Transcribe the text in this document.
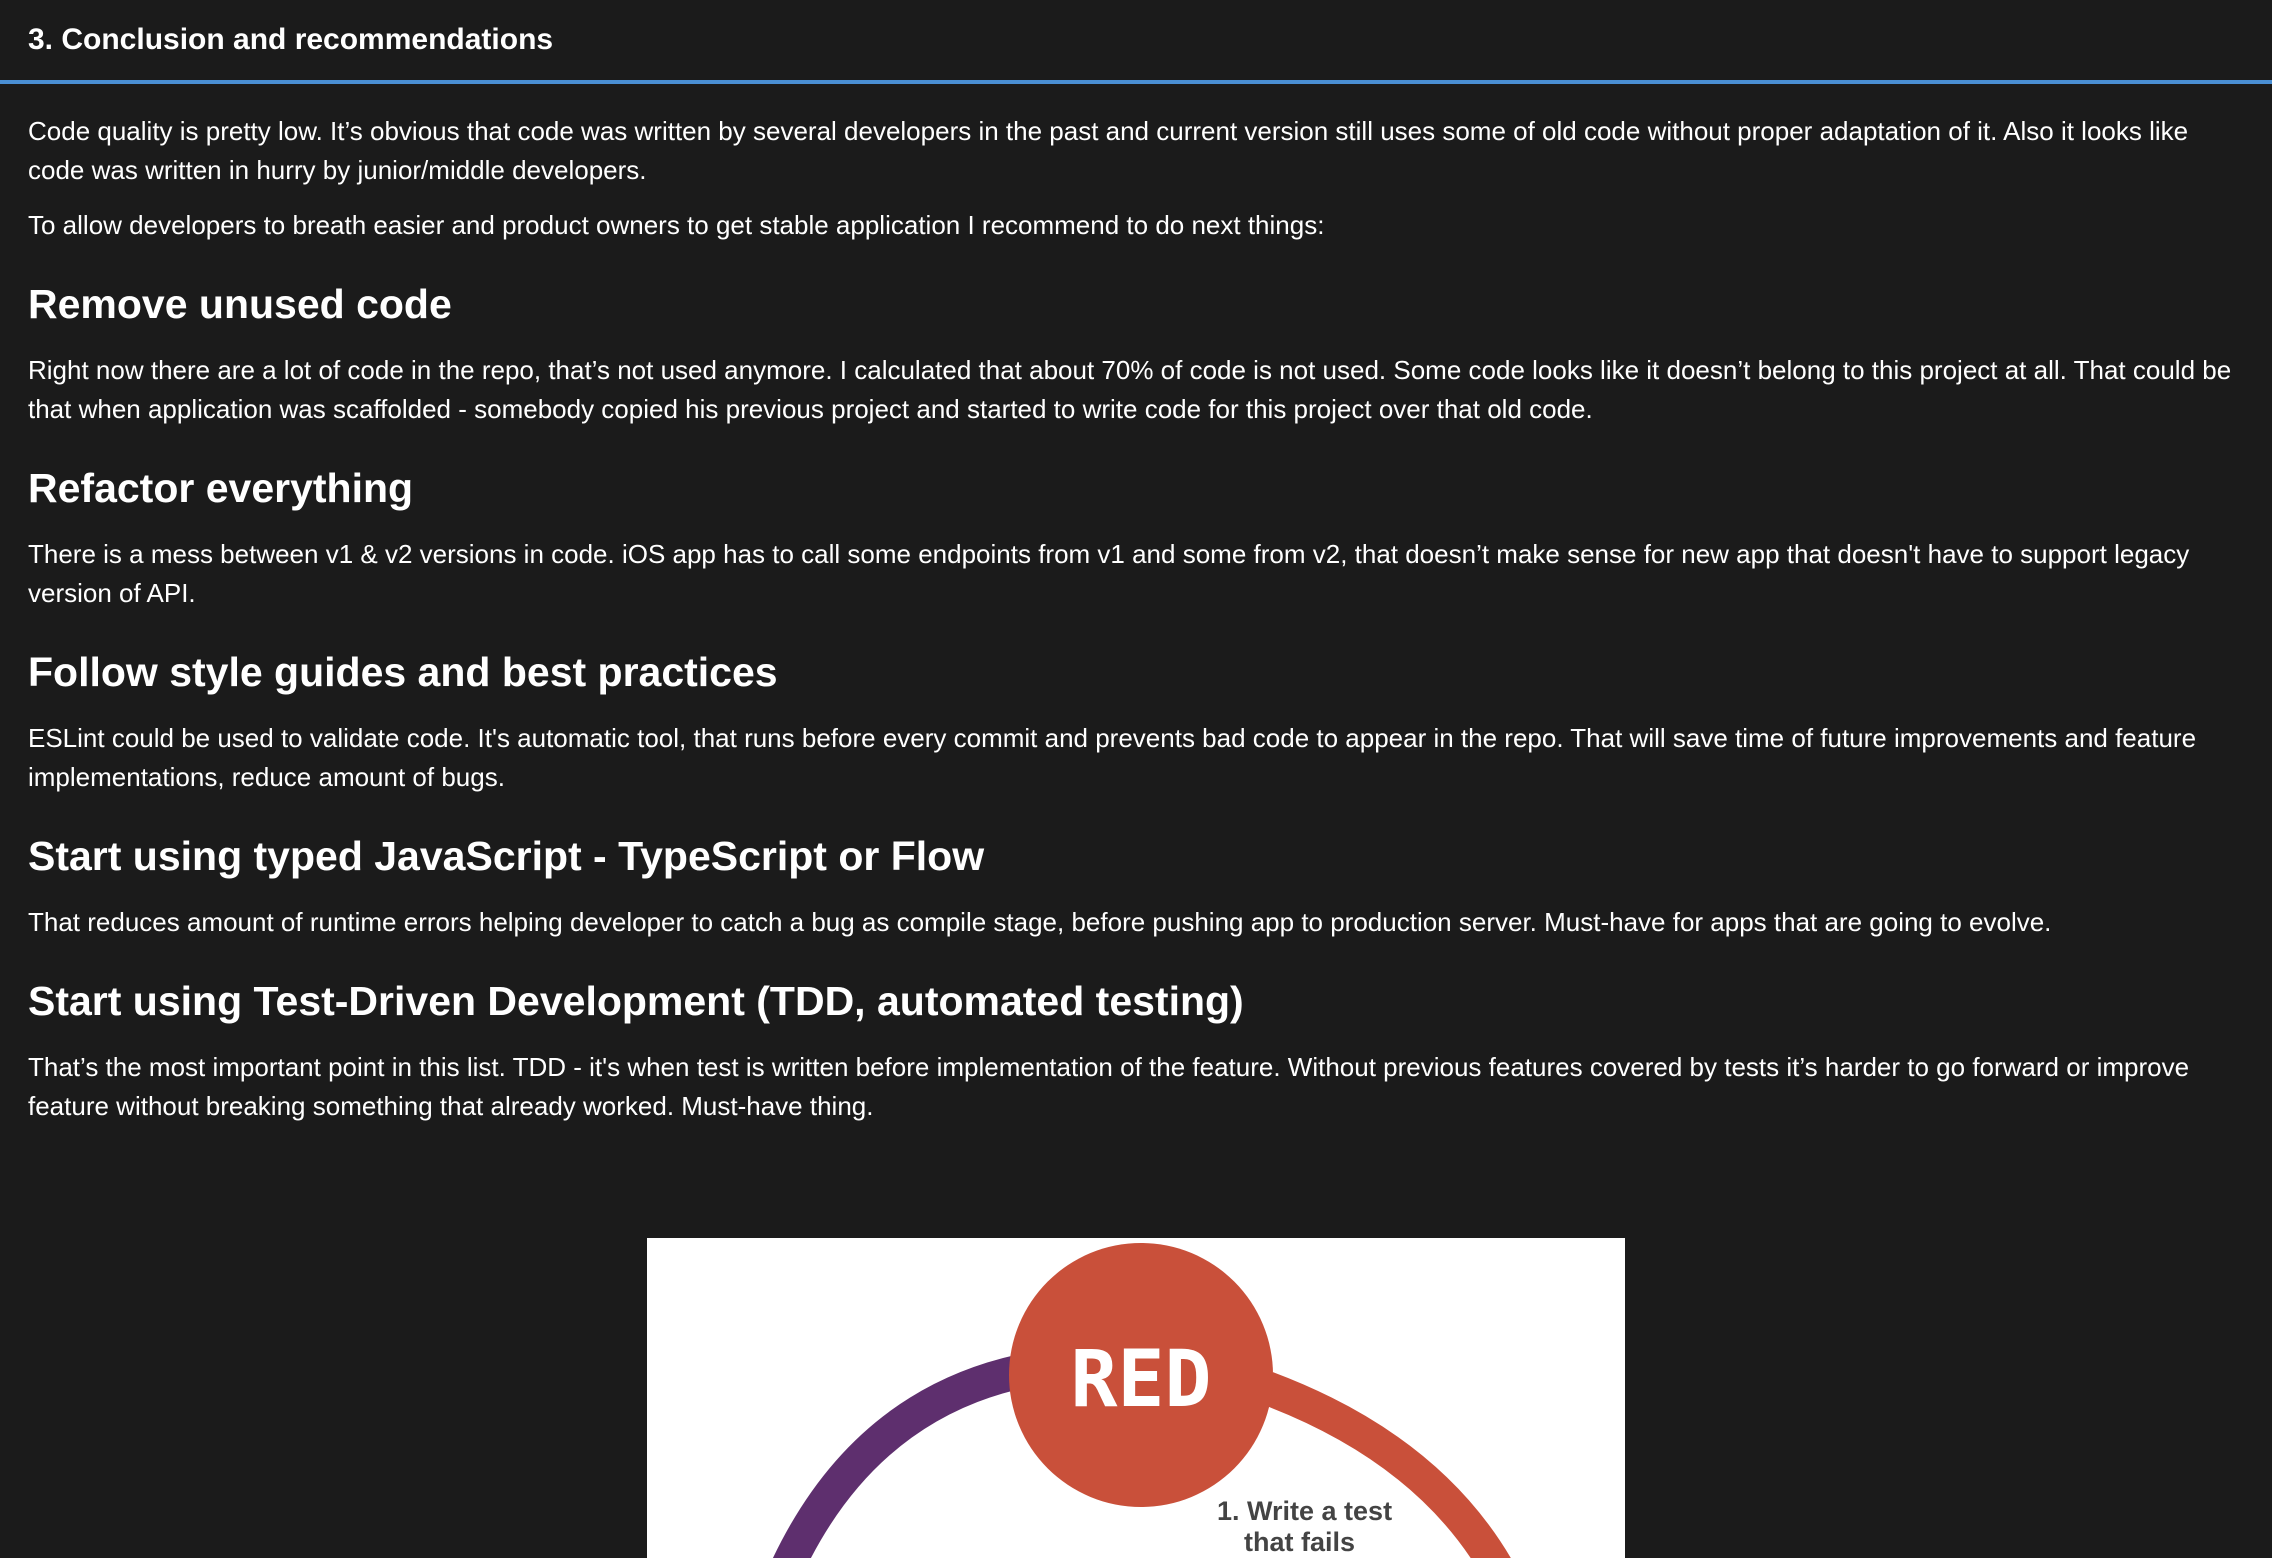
3. Conclusion and recommendations

Code quality is pretty low. It’s obvious that code was written by several developers in the past and current version still uses some of old code without proper adaptation of it. Also it looks like code was written in hurry by junior/middle developers.

To allow developers to breath easier and product owners to get stable application I recommend to do next things:

Remove unused code

Right now there are a lot of code in the repo, that’s not used anymore. I calculated that about 70% of code is not used. Some code looks like it doesn’t belong to this project at all. That could be that when application was scaffolded - somebody copied his previous project and started to write code for this project over that old code.

Refactor everything

There is a mess between v1 & v2 versions in code. iOS app has to call some endpoints from v1 and some from v2, that doesn’t make sense for new app that doesn't have to support legacy version of API.

Follow style guides and best practices

ESLint could be used to validate code. It's automatic tool, that runs before every commit and prevents bad code to appear in the repo. That will save time of future improvements and feature implementations, reduce amount of bugs.

Start using typed JavaScript - TypeScript or Flow

That reduces amount of runtime errors helping developer to catch a bug as compile stage, before pushing app to production server. Must-have for apps that are going to evolve.

Start using Test-Driven Development (TDD, automated testing)

That’s the most important point in this list. TDD - it's when test is written before implementation of the feature. Without previous features covered by tests it’s harder to go forward or improve feature without breaking something that already worked. Must-have thing.

RED
1. Write a test
that fails
